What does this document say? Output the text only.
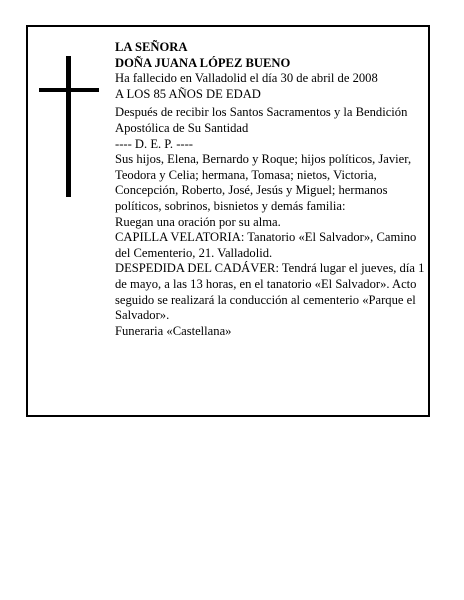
LA SEÑORA

DOÑA JUANA LÓPEZ BUENO

Ha fallecido en Valladolid el día 30 de abril de 2008

A LOS 85 AÑOS DE EDAD

Después de recibir los Santos Sacramentos y la Bendición Apostólica de Su Santidad

---- D. E. P. ----

Sus hijos, Elena, Bernardo y Roque; hijos políticos, Javier, Teodora y Celia; hermana, Tomasa; nietos, Victoria, Concepción, Roberto, José, Jesús y Miguel; hermanos políticos, sobrinos, bisnietos y demás familia:

Ruegan una oración por su alma.

CAPILLA VELATORIA: Tanatorio «El Salvador», Camino del Cementerio, 21. Valladolid.

DESPEDIDA DEL CADÁVER: Tendrá lugar el jueves, día 1 de mayo, a las 13 horas, en el tanatorio «El Salvador». Acto seguido se realizará la conducción al cementerio «Parque el Salvador».

Funeraria «Castellana»
